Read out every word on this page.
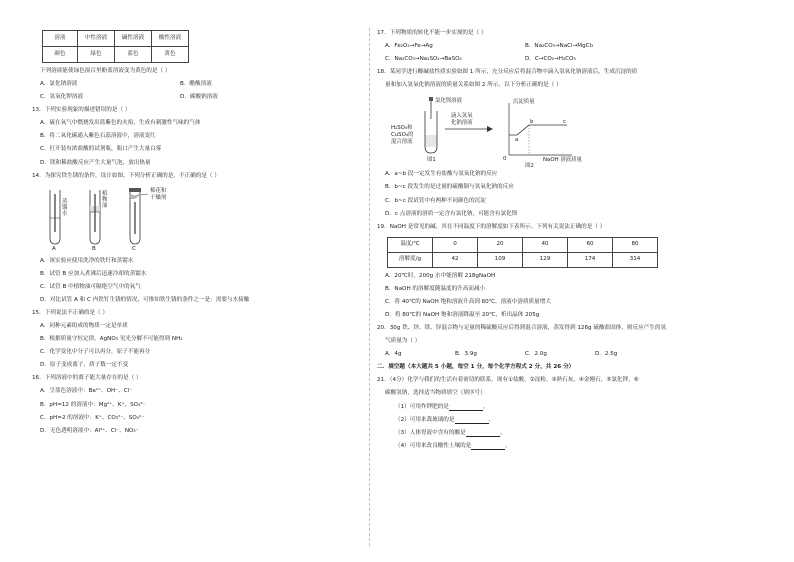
溶液	中性溶液	碱性溶液	酸性溶液
颜色	绿色	蓝色	黄色
下列溶液能使绿色溴百里酚蓝溶液变为黄色的是（ ）
A．氯化钠溶液	B．醋酸溶液
C．氢氧化钾溶液	D．碳酸钠溶液
13．下列实验现象的描述错误的是（ ）
A．硫在氧气中燃烧发出蓝紫色的火焰，生成有刺激性气味的气体
B．将二氧化碳通入紫色石蕊溶液中，溶液变红
C．打开装有浓盐酸的试剂瓶，瓶口产生大量白雾
D．镁和稀盐酸反应产生大量气泡，放出热量
14．为探究铁生锈的条件，设计如图，下列分析正确的是，不正确的是（ ）
蒸馏水
植物油
棉花和
干燥剂
A	B	C
A．该实验应使用洗净的铁钉和蒸馏水
B．试管 B 应加入煮沸后迅速冷却的蒸馏水
C．试管 B 中植物油可隔绝空气中的氧气
D．对比试管 A 和 C 内铁钉生锈的情况，可推知铁生锈的条件之一是：需要与水接触
15．下列说法不正确的是（ ）
A．同种元素组成的物质一定是单质
B．根据质量守恒定律，AgNO₃ 见光分解不可能得到 NH₃
C．化学变化中分子可以再分，原子不能再分
D．原子变成离子，质子数一定不变
16．下列溶液中的离子能大量存在的是（ ）
A．呈蓝色溶液中：Ba²⁺、OH⁻、Cl⁻
B．pH=12 的溶液中：Mg²⁺、K⁺、SO₄²⁻
C．pH=2 的溶液中：K⁺、CO₃²⁻、SO₄²⁻
D．无色透明溶液中：Al³⁺、Cl⁻、NO₃⁻
17．下列物质的转化不能一步实现的是（ ）
A．Fe₂O₃→Fe→Ag	B．Na₂CO₃→NaCl→MgCl₂
C．Na₂CO₃→Na₂SO₄→BaSO₄	D．C→CO₂→H₂CO₃
18．某同学进行酸碱盐性质实验如图 1 所示，充分反应后将混合物中滴入氢氧化钠溶液后，生成沉淀的质
量和加入氢氧化钠溶液的质量关系如图 2 所示。以下分析正确的是（ ）
氯化钡溶液
滴入氢氧
化钠溶液
H₂SO₄和
CuSO₄的
混合溶液
图1
沉淀质量
NaOH 溶液质量
0
a
b	c
图2
A．a~b 段一定发生有盐酸与氢氧化钠的反应
B．b~c 段发生的是过量的硫酸铜与氢氧化钠的反应
C．b~c 段试管中有两种不同颜色的沉淀
D．c 点溶液的溶质一定含有氯化钠，可能含有氯化钡
19．NaOH 是常见的碱，其在不同温度下的溶解度如下表所示。下列有关说法正确的是（ ）
温度/℃	0	20	40	60	80
溶解度/g	42	109	129	174	314
A．20℃时，200g 水中能溶解 218gNaOH
B．NaOH 的溶解度随温度的升高而减小
C．将 40℃的 NaOH 饱和溶液升高到 60℃，溶液中溶质质量增大
D．将 80℃的 NaOH 饱和溶液降温至 20℃，析出晶体 205g
20．30g 铁、锌、镁、锌混合物与足量的稀硫酸反应后得到混合溶液，蒸发得到 126g 硫酸盐固体，则反应产生的氢
气质量为（ ）
A．4g	B．3.9g	C．2.0g	D．2.5g
二．填空题（本大题共 5 小题，每空 1 分，每个化学方程式 2 分，共 26 分）
21．（4分）化学与我们的生活有着密切的联系，现有①盐酸，②淀粉，③熟石灰，④金刚石，⑤氯化钾，⑥
碳酸氢钠，选择适当物质填空（填序号）
（1）可用作钾肥的是	。
（2）可用来裁玻璃的是	。
（3）人体胃液中含有的酸是	。
（4）可用来改良酸性土壤的是	。
